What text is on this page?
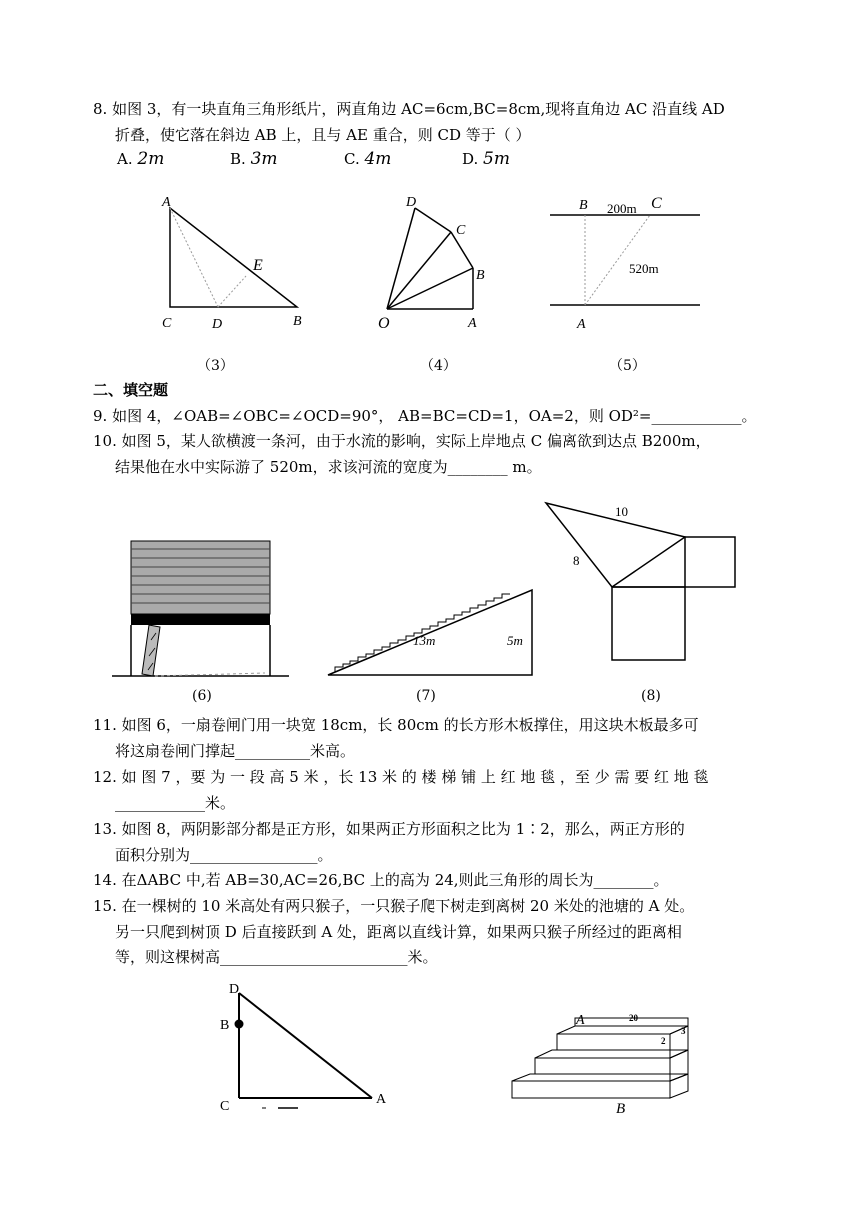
8. 如图 3，有一块直角三角形纸片，两直角边 AC=6cm,BC=8cm,现将直角边 AC 沿直线 AD
折叠，使它落在斜边 AB 上，且与 AE 重合，则 CD 等于（ ）
A. 2m	B. 3m	C. 4m	D. 5m
A
E
C	D	B
D
C
B
O	A
B 200m C
520m
A
13m	5m
10
8
D
B
C	A
A	20
3
2
B
（3）	（4）	（5）
二、填空题
9. 如图 4，∠OAB=∠OBC=∠OCD=90°， AB=BC=CD=1，OA=2，则 OD²=____________。
10. 如图 5，某人欲横渡一条河，由于水流的影响，实际上岸地点 C 偏离欲到达点 B200m，
结果他在水中实际游了 520m，求该河流的宽度为________ m。
(6)	(7)	(8)
11. 如图 6，一扇卷闸门用一块宽 18cm，长 80cm 的长方形木板撑住，用这块木板最多可
将这扇卷闸门撑起__________米高。
12. 如 图 7 ，要 为 一 段 高 5 米 ，长 13 米 的 楼 梯 铺 上 红 地 毯 ，至 少 需 要 红 地 毯
____________米。
13. 如图 8，两阴影部分都是正方形，如果两正方形面积之比为 1∶2，那么，两正方形的
面积分别为_________________。
14. 在ΔABC 中,若 AB=30,AC=26,BC 上的高为 24,则此三角形的周长为________。
15. 在一棵树的 10 米高处有两只猴子，一只猴子爬下树走到离树 20 米处的池塘的 A 处。
另一只爬到树顶 D 后直接跃到 A 处，距离以直线计算，如果两只猴子所经过的距离相
等，则这棵树高_________________________米。
